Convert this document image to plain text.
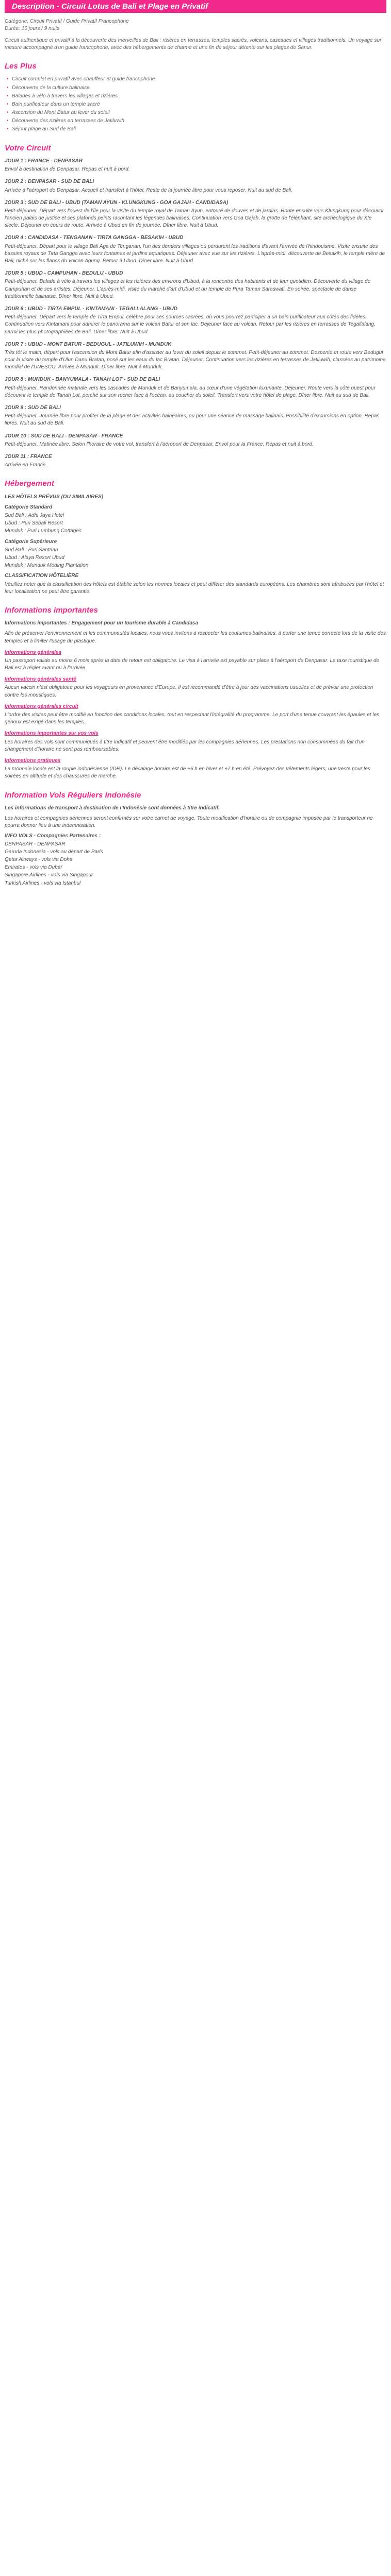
Description - Circuit Lotus de Bali et Plage en Privatif

Catégorie: Circuit Privatif / Guide Privatif Francophone

Durée: 10 jours / 9 nuits

Circuit authentique et privatif à la découverte des merveilles de Bali : rizières en terrasses, temples sacrés, volcans, cascades et villages traditionnels. Un voyage sur mesure accompagné d'un guide francophone, avec des hébergements de charme et une fin de séjour détente sur les plages de Sanur.

Les Plus
• Circuit complet en privatif avec chauffeur et guide francophone
• Découverte de la culture balinaise
• Balades à vélo à travers les villages et rizières
• Bain purificateur dans un temple sacré
• Ascension du Mont Batur au lever du soleil
• Découverte des rizières en terrasses de Jatiluwih
• Séjour plage au Sud de Bali
Votre Circuit
JOUR 1 : FRANCE - DENPASAR

Envol à destination de Denpasar. Repas et nuit à bord.

JOUR 2 : DENPASAR - SUD DE BALI

Arrivée à l'aéroport de Denpasar. Accueil et transfert à l'hôtel. Reste de la journée libre pour vous reposer. Nuit au sud de Bali.

JOUR 3 : SUD DE BALI - UBUD (TAMAN AYUN - KLUNGKUNG - GOA GAJAH - CANDIDASA)

Petit-déjeuner. Départ vers l'ouest de l'île pour la visite du temple royal de Taman Ayun, entouré de douves et de jardins. Route ensuite vers Klungkung pour découvrir l'ancien palais de justice et ses plafonds peints racontant les légendes balinaises. Continuation vers Goa Gajah, la grotte de l'éléphant, site archéologique du XIe siècle. Déjeuner en cours de route. Arrivée à Ubud en fin de journée. Dîner libre. Nuit à Ubud.

JOUR 4 : CANDIDASA - TENGANAN - TIRTA GANGGA - BESAKIH - UBUD

Petit-déjeuner. Départ pour le village Bali Aga de Tenganan, l'un des derniers villages où perdurent les traditions d'avant l'arrivée de l'hindouisme. Visite ensuite des bassins royaux de Tirta Gangga avec leurs fontaines et jardins aquatiques. Déjeuner avec vue sur les rizières. L'après-midi, découverte de Besakih, le temple mère de Bali, niché sur les flancs du volcan Agung. Retour à Ubud. Dîner libre. Nuit à Ubud.

JOUR 5 : UBUD - CAMPUHAN - BEDULU - UBUD

Petit-déjeuner. Balade à vélo à travers les villages et les rizières des environs d'Ubud, à la rencontre des habitants et de leur quotidien. Découverte du village de Campuhan et de ses artistes. Déjeuner. L'après-midi, visite du marché d'art d'Ubud et du temple de Pura Taman Saraswati. En soirée, spectacle de danse traditionnelle balinaise. Dîner libre. Nuit à Ubud.

JOUR 6 : UBUD - TIRTA EMPUL - KINTAMANI - TEGALLALANG - UBUD

Petit-déjeuner. Départ vers le temple de Tirta Empul, célèbre pour ses sources sacrées, où vous pourrez participer à un bain purificateur aux côtés des fidèles. Continuation vers Kintamani pour admirer le panorama sur le volcan Batur et son lac. Déjeuner face au volcan. Retour par les rizières en terrasses de Tegallalang, parmi les plus photographiées de Bali. Dîner libre. Nuit à Ubud.

JOUR 7 : UBUD - MONT BATUR - BEDUGUL - JATILUWIH - MUNDUK

Très tôt le matin, départ pour l'ascension du Mont Batur afin d'assister au lever du soleil depuis le sommet. Petit-déjeuner au sommet. Descente et route vers Bedugul pour la visite du temple d'Ulun Danu Bratan, posé sur les eaux du lac Bratan. Déjeuner. Continuation vers les rizières en terrasses de Jatiluwih, classées au patrimoine mondial de l'UNESCO. Arrivée à Munduk. Dîner libre. Nuit à Munduk.

JOUR 8 : MUNDUK - BANYUMALA - TANAH LOT - SUD DE BALI

Petit-déjeuner. Randonnée matinale vers les cascades de Munduk et de Banyumala, au cœur d'une végétation luxuriante. Déjeuner. Route vers la côte ouest pour découvrir le temple de Tanah Lot, perché sur son rocher face à l'océan, au coucher du soleil. Transfert vers votre hôtel de plage. Dîner libre. Nuit au sud de Bali.

JOUR 9 : SUD DE BALI

Petit-déjeuner. Journée libre pour profiter de la plage et des activités balnéaires, ou pour une séance de massage balinais. Possibilité d'excursions en option. Repas libres. Nuit au sud de Bali.

JOUR 10 : SUD DE BALI - DENPASAR - FRANCE

Petit-déjeuner. Matinée libre. Selon l'horaire de votre vol, transfert à l'aéroport de Denpasar. Envol pour la France. Repas et nuit à bord.

JOUR 11 : FRANCE

Arrivée en France.

Hébergement

LES HÔTELS PRÉVUS (OU SIMILAIRES)

Catégorie Standard

Sud Bali : Adhi Jaya Hotel

Ubud : Puri Sebali Resort

Munduk : Puri Lumbung Cottages

Catégorie Supérieure

Sud Bali : Puri Santrian

Ubud : Alaya Resort Ubud

Munduk : Munduk Moding Plantation

CLASSIFICATION HÔTELIÈRE

Veuillez noter que la classification des hôtels est établie selon les normes locales et peut différer des standards européens. Les chambres sont attribuées par l'hôtel et leur localisation ne peut être garantie.

Informations importantes

Informations importantes : Engagement pour un tourisme durable à Candidasa

Afin de préserver l'environnement et les communautés locales, nous vous invitons à respecter les coutumes balinaises, à porter une tenue correcte lors de la visite des temples et à limiter l'usage du plastique.

Informations générales

Un passeport valide au moins 6 mois après la date de retour est obligatoire. Le visa à l'arrivée est payable sur place à l'aéroport de Denpasar. La taxe touristique de Bali est à régler avant ou à l'arrivée.

Informations générales santé

Aucun vaccin n'est obligatoire pour les voyageurs en provenance d'Europe. Il est recommandé d'être à jour des vaccinations usuelles et de prévoir une protection contre les moustiques.

Informations générales circuit

L'ordre des visites peut être modifié en fonction des conditions locales, tout en respectant l'intégralité du programme. Le port d'une tenue couvrant les épaules et les genoux est exigé dans les temples.

Informations importantes sur vos vols

Les horaires des vols sont communiqués à titre indicatif et peuvent être modifiés par les compagnies aériennes. Les prestations non consommées du fait d'un changement d'horaire ne sont pas remboursables.

Informations pratiques

La monnaie locale est la roupie indonésienne (IDR). Le décalage horaire est de +6 h en hiver et +7 h en été. Prévoyez des vêtements légers, une veste pour les soirées en altitude et des chaussures de marche.

Information Vols Réguliers Indonésie

Les informations de transport à destination de l'Indonésie sont données à titre indicatif.

Les horaires et compagnies aériennes seront confirmés sur votre carnet de voyage. Toute modification d'horaire ou de compagnie imposée par le transporteur ne pourra donner lieu à une indemnisation.

INFO VOLS - Compagnies Partenaires :

DENPASAR - DENPASAR

Garuda Indonesia - vols au départ de Paris

Qatar Airways - vols via Doha

Emirates - vols via Dubaï

Singapore Airlines - vols via Singapour

Turkish Airlines - vols via Istanbul
